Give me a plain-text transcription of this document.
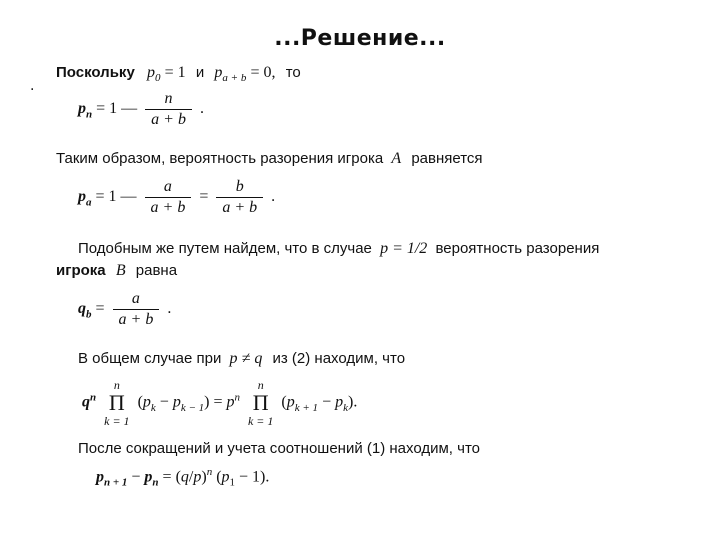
...Решение...
·
Поскольку $p_0 = 1$ и $p_{a + b} = 0$, то
$p_n = 1$ — $\frac{n}{a + b}$ .
Таким образом, вероятность разорения игрока A равняется
$p_a = 1$ — $\frac{a}{a + b} = \frac{b}{a + b}$ .
Подобным же путем найдем, что в случае p = 1/2 вероятность разорения
игрока B равна
$q_b = \frac{a}{a + b}$ .
В общем случае при p ≠ q из (2) находим, что
$q^n$
n
Π
k = 1
$(p_k - p_{k - 1}) = p^n$
n
Π
k = 1
$(p_{k + 1} - p_k)$.
После сокращений и учета соотношений (1) находим, что
$p_{n + 1} - p_n = (q/p)^n$ $(p_1 - 1)$.
